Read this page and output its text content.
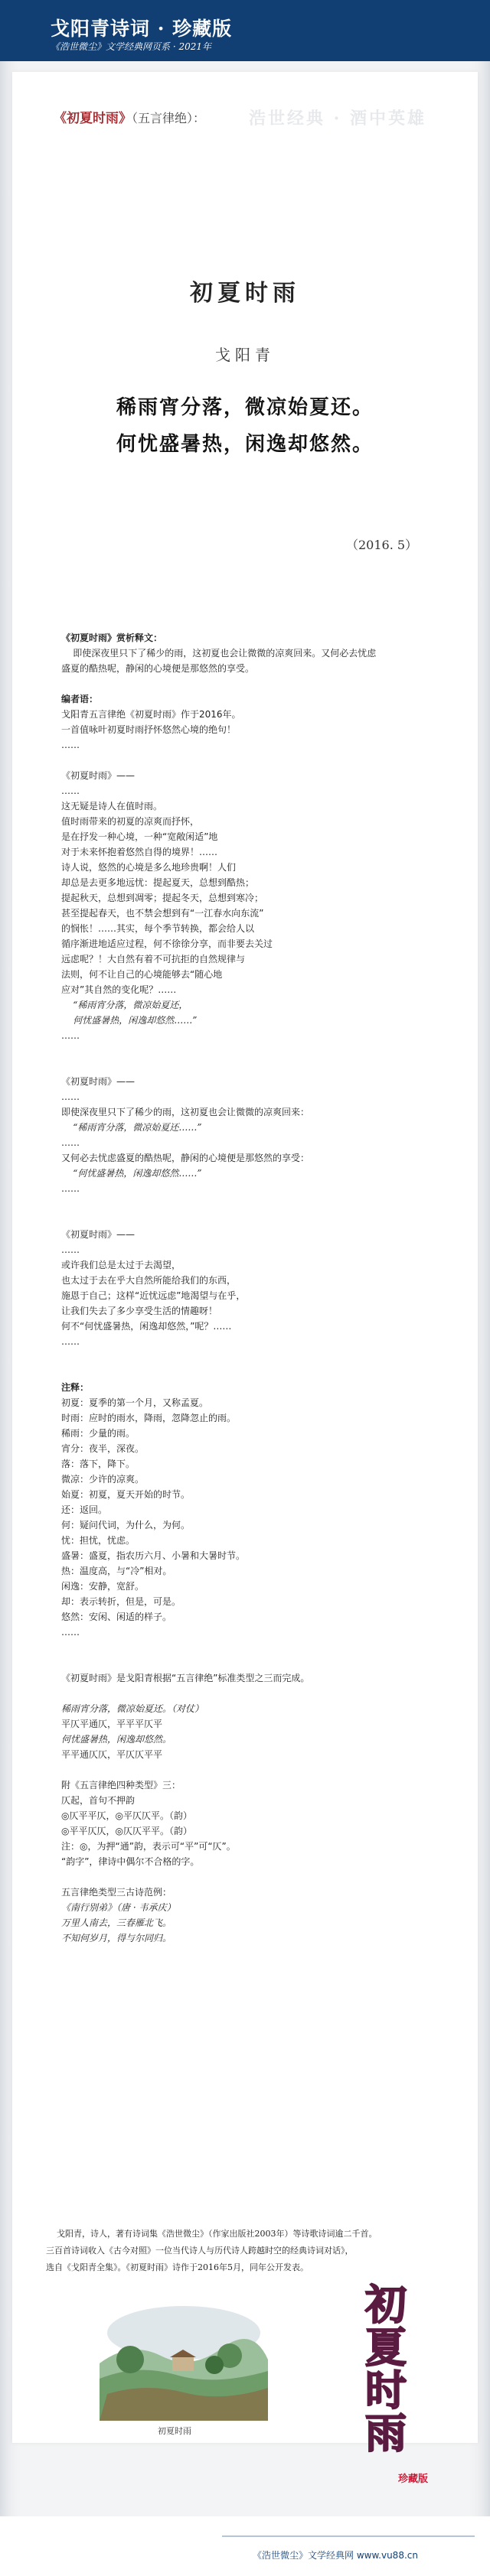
戈阳青诗词 · 珍藏版
《浩世微尘》文学经典网页系 · 2021年
《初夏时雨》（五言律绝）：	浩世经典 · 酒中英雄
初夏时雨
戈阳青
稀雨宵分落，微凉始夏还。
何忧盛暑热，闲逸却悠然。
（2016. 5）
《初夏时雨》赏析释文：
即使深夜里只下了稀少的雨，这初夏也会让微微的凉爽回来。又何必去忧虑
盛夏的酷热呢，静闲的心境便是那悠然的享受。
编者语：
戈阳青五言律绝《初夏时雨》作于2016年。
一首值咏叶初夏时雨抒怀悠然心境的绝句！
……
《初夏时雨》——
……
这无疑是诗人在值时雨。
值时雨带来的初夏的凉爽而抒怀，
是在抒发一种心境，一种“宽敞闲适”地
对于未来怀抱着悠然自得的境界！……
诗人说，悠然的心境是多么地珍贵啊！人们
却总是去更多地远忧：提起夏天，总想到酷热；
提起秋天，总想到凋零；提起冬天，总想到寒冷；
甚至提起春天，也不禁会想到有“一江春水向东流”
的悯怅！……其实，每个季节转换，都会给人以
循序渐进地适应过程，何不徐徐分享，而非要去关过
远虑呢？！大自然有着不可抗拒的自然规律与
法则，何不让自己的心境能够去“随心地
应对”其自然的变化呢？……
“稀雨宵分落，微凉始夏还，
何忧盛暑热，闲逸却悠然……”
……
《初夏时雨》——
……
即使深夜里只下了稀少的雨，这初夏也会让微微的凉爽回来：
“稀雨宵分落，微凉始夏还……”
……
又何必去忧虑盛夏的酷热呢，静闲的心境便是那悠然的享受：
“何忧盛暑热，闲逸却悠然……”
……
《初夏时雨》——
……
或许我们总是太过于去渴望，
也太过于去在乎大自然所能给我们的东西，
施恩于自己；这样“近忧远虑”地渴望与在乎，
让我们失去了多少享受生活的情趣呀！
何不“何忧盛暑热，闲逸却悠然，”呢？……
……
注释：
初夏：夏季的第一个月，又称孟夏。
时雨：应时的雨水，降雨，忽降忽止的雨。
稀雨：少量的雨。
宵分：夜半，深夜。
落：落下，降下。
微凉：少许的凉爽。
始夏：初夏，夏天开始的时节。
还：返回。
何：疑问代词，为什么，为何。
忧：担忧，忧虑。
盛暑：盛夏，指农历六月、小暑和大暑时节。
热：温度高，与“冷”相对。
闲逸：安静，宽舒。
却：表示转折，但是，可是。
悠然：安闲、闲适的样子。
……
《初夏时雨》是戈阳青根据“五言律绝”标准类型之三而完成。
稀雨宵分落，微凉始夏还。（对仗）
平仄平通仄，平平平仄平
何忧盛暑热，闲逸却悠然。
平平通仄仄，平仄仄平平
附《五言律绝四种类型》三：
仄起，首句不押韵
◎仄平平仄，◎平仄仄平。（韵）
◎平平仄仄，◎仄仄平平。（韵）
注：◎，为押“通”韵，表示可“平”可“仄”。
“韵字”，律诗中偶尔不合格的字。
五言律绝类型三古诗范例：
《南行别弟》（唐 · 韦承庆）
万里人南去，三春雁北飞。
不知何岁月，得与尔同归。
戈阳青，诗人，著有诗词集《浩世微尘》（作家出版社2003年）等诗歌诗词逾二千首。
三百首诗词收入《古今对照》一位当代诗人与历代诗人跨越时空的经典诗词对话》，
选自《戈阳青全集》。《初夏时雨》诗作于2016年5月，同年公开发表。
初夏时雨
初
夏
时
雨
珍藏版
《浩世微尘》文学经典网 www.vu88.cn
